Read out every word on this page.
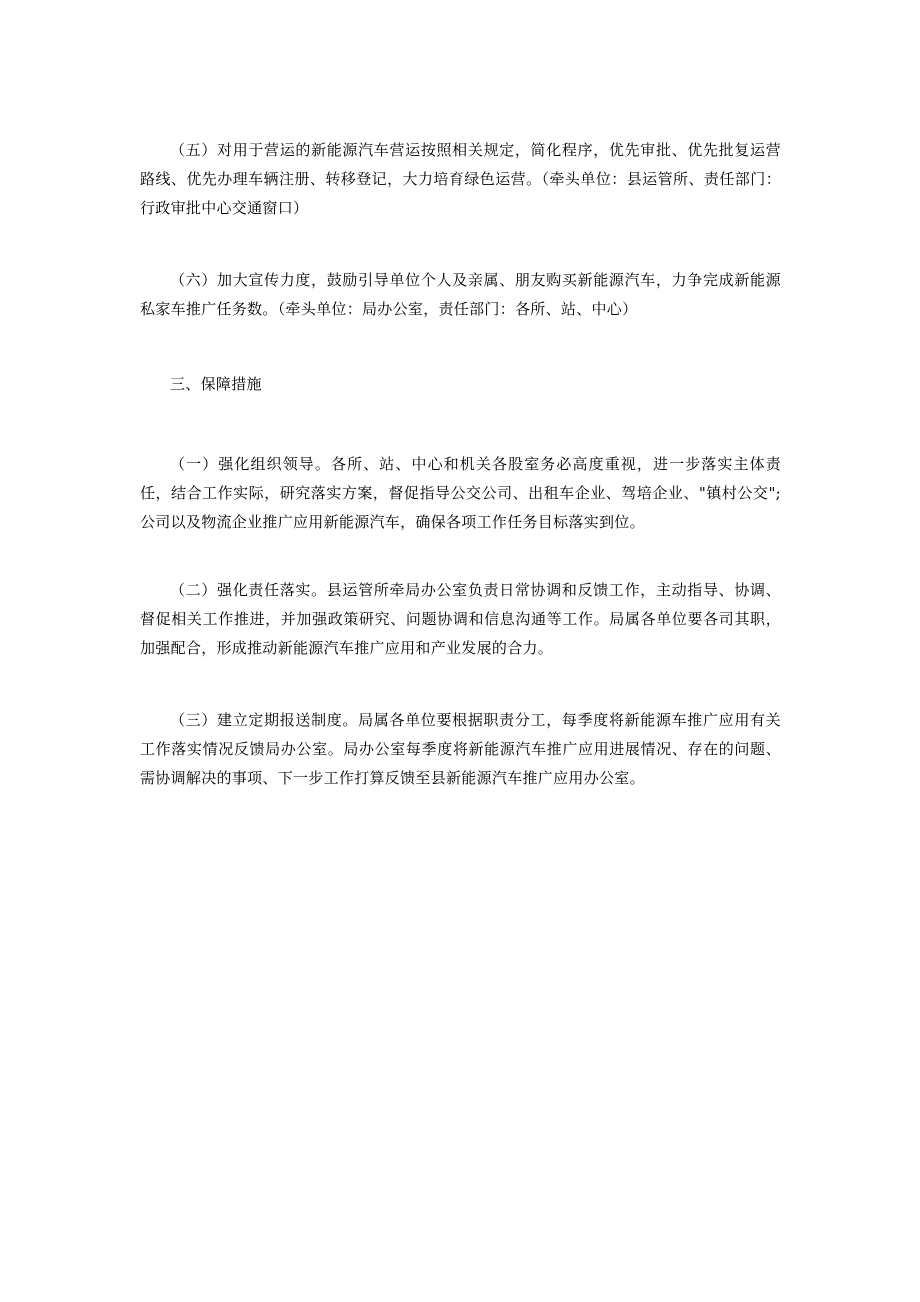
（五）对用于营运的新能源汽车营运按照相关规定，简化程序，优先审批、优先批复运营路线、优先办理车辆注册、转移登记，大力培育绿色运营。（牵头单位：县运管所、责任部门：行政审批中心交通窗口）

（六）加大宣传力度，鼓励引导单位个人及亲属、朋友购买新能源汽车，力争完成新能源私家车推广任务数。（牵头单位：局办公室，责任部门：各所、站、中心）

三、保障措施

（一）强化组织领导。各所、站、中心和机关各股室务必高度重视，进一步落实主体责任，结合工作实际，研究落实方案，督促指导公交公司、出租车企业、驾培企业、"镇村公交";公司以及物流企业推广应用新能源汽车，确保各项工作任务目标落实到位。

（二）强化责任落实。县运管所牵局办公室负责日常协调和反馈工作，主动指导、协调、督促相关工作推进，并加强政策研究、问题协调和信息沟通等工作。局属各单位要各司其职，加强配合，形成推动新能源汽车推广应用和产业发展的合力。

（三）建立定期报送制度。局属各单位要根据职责分工，每季度将新能源车推广应用有关工作落实情况反馈局办公室。局办公室每季度将新能源汽车推广应用进展情况、存在的问题、需协调解决的事项、下一步工作打算反馈至县新能源汽车推广应用办公室。
